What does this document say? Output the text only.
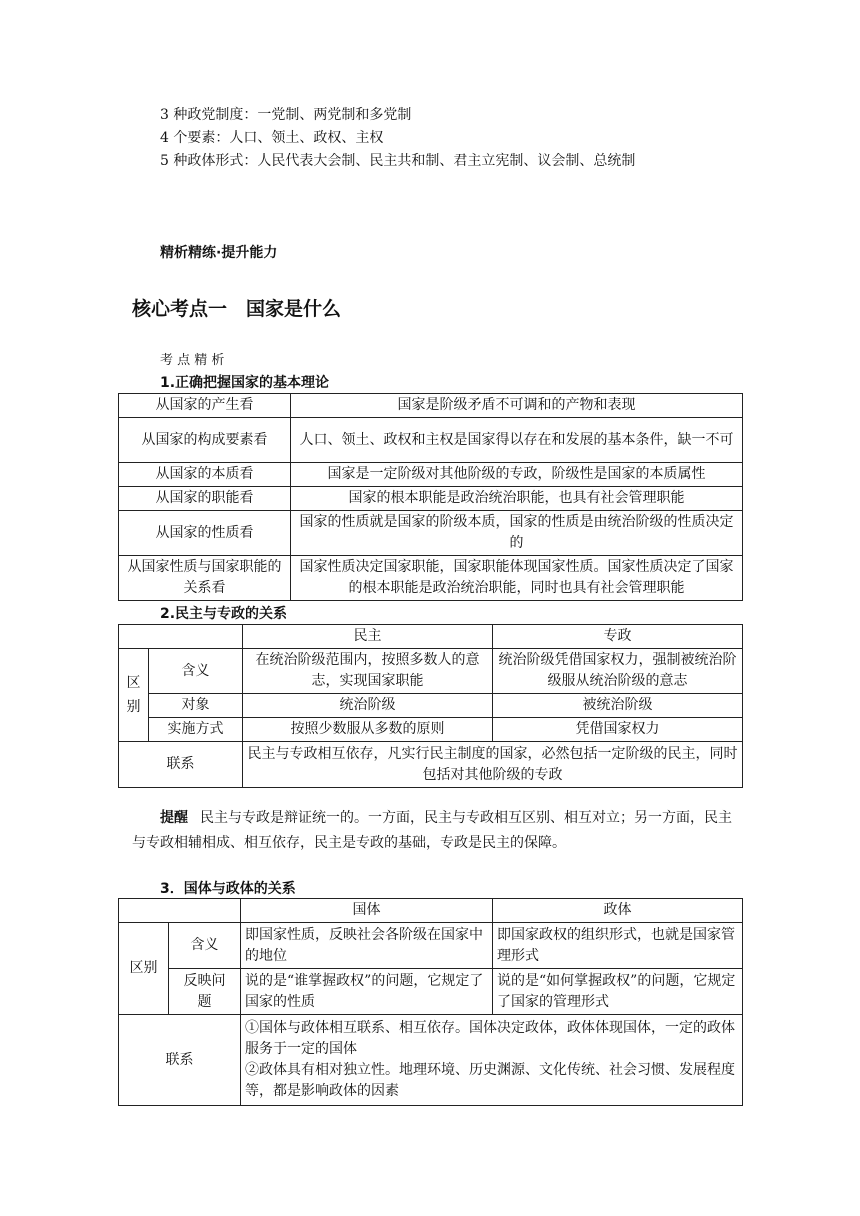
3 种政党制度：一党制、两党制和多党制
4 个要素：人口、领土、政权、主权
5 种政体形式：人民代表大会制、民主共和制、君主立宪制、议会制、总统制
精析精练·提升能力
核心考点一　国家是什么
考 点 精 析
1.正确把握国家的基本理论
从国家的产生看	国家是阶级矛盾不可调和的产物和表现
从国家的构成要素看	人口、领土、政权和主权是国家得以存在和发展的基本条件，缺一不可
从国家的本质看	国家是一定阶级对其他阶级的专政，阶级性是国家的本质属性
从国家的职能看	国家的根本职能是政治统治职能，也具有社会管理职能
从国家的性质看	国家的性质就是国家的阶级本质，国家的性质是由统治阶级的性质决定的
从国家性质与国家职能的关系看	国家性质决定国家职能，国家职能体现国家性质。国家性质决定了国家的根本职能是政治统治职能，同时也具有社会管理职能
2.民主与专政的关系
		民主	专政
区别	含义	在统治阶级范围内，按照多数人的意志，实现国家职能	统治阶级凭借国家权力，强制被统治阶级服从统治阶级的意志
	对象	统治阶级	被统治阶级
	实施方式	按照少数服从多数的原则	凭借国家权力
联系		民主与专政相互依存，凡实行民主制度的国家，必然包括一定阶级的民主，同时包括对其他阶级的专政	
提醒 民主与专政是辩证统一的。一方面，民主与专政相互区别、相互对立；另一方面，民主与专政相辅相成、相互依存，民主是专政的基础，专政是民主的保障。
3．国体与政体的关系
		国体	政体
区别	含义	即国家性质，反映社会各阶级在国家中的地位	即国家政权的组织形式，也就是国家管理形式
	反映问题	说的是“谁掌握政权”的问题，它规定了国家的性质	说的是“如何掌握政权”的问题，它规定了国家的管理形式
联系		①国体与政体相互联系、相互依存。国体决定政体，政体体现国体，一定的政体服务于一定的国体
②政体具有相对独立性。地理环境、历史渊源、文化传统、社会习惯、发展程度等，都是影响政体的因素	
